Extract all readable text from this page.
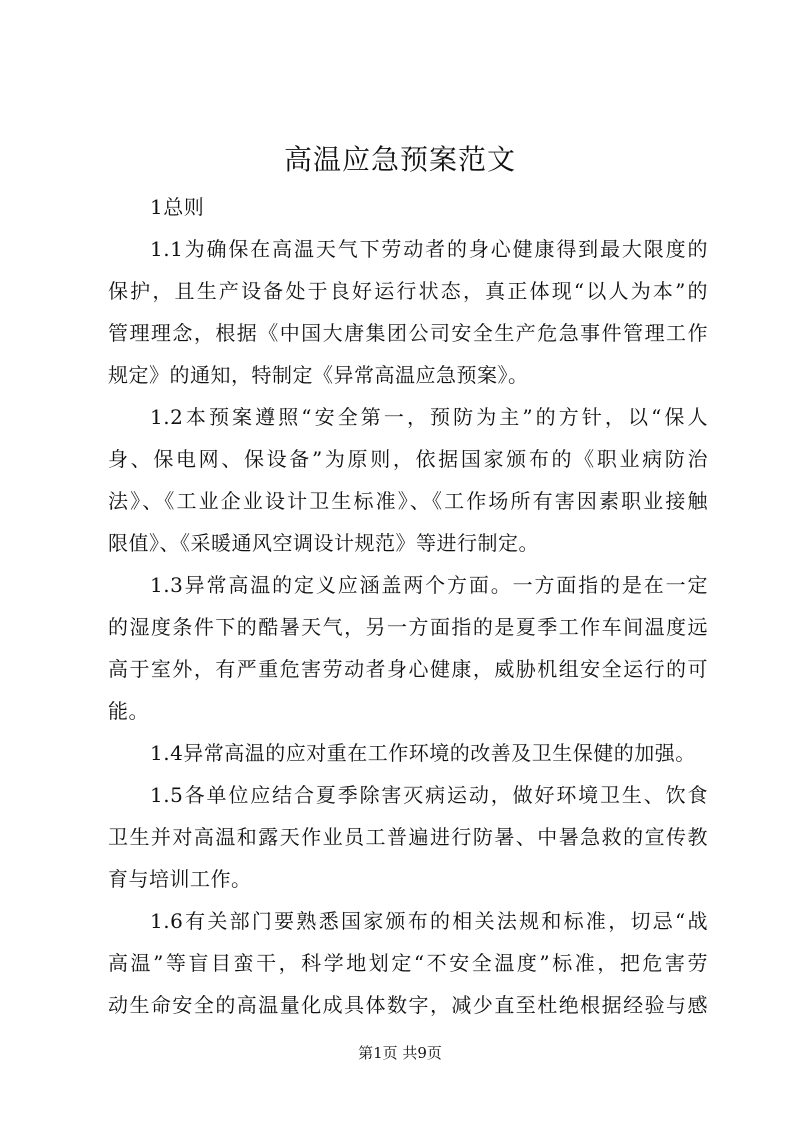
高温应急预案范文
1总则
1.1为确保在高温天气下劳动者的身心健康得到最大限度的
保护，且生产设备处于良好运行状态，真正体现“以人为本”的
管理理念，根据《中国大唐集团公司安全生产危急事件管理工作
规定》的通知，特制定《异常高温应急预案》。
1.2本预案遵照“安全第一，预防为主”的方针，以“保人
身、保电网、保设备”为原则，依据国家颁布的《职业病防治
法》、《工业企业设计卫生标准》、《工作场所有害因素职业接触
限值》、《采暖通风空调设计规范》等进行制定。
1.3异常高温的定义应涵盖两个方面。一方面指的是在一定
的湿度条件下的酷暑天气，另一方面指的是夏季工作车间温度远
高于室外，有严重危害劳动者身心健康，威胁机组安全运行的可
能。
1.4异常高温的应对重在工作环境的改善及卫生保健的加强。
1.5各单位应结合夏季除害灭病运动，做好环境卫生、饮食
卫生并对高温和露天作业员工普遍进行防暑、中暑急救的宣传教
育与培训工作。
1.6有关部门要熟悉国家颁布的相关法规和标准，切忌“战
高温”等盲目蛮干，科学地划定“不安全温度”标准，把危害劳
动生命安全的高温量化成具体数字，减少直至杜绝根据经验与感
第1页 共9页
